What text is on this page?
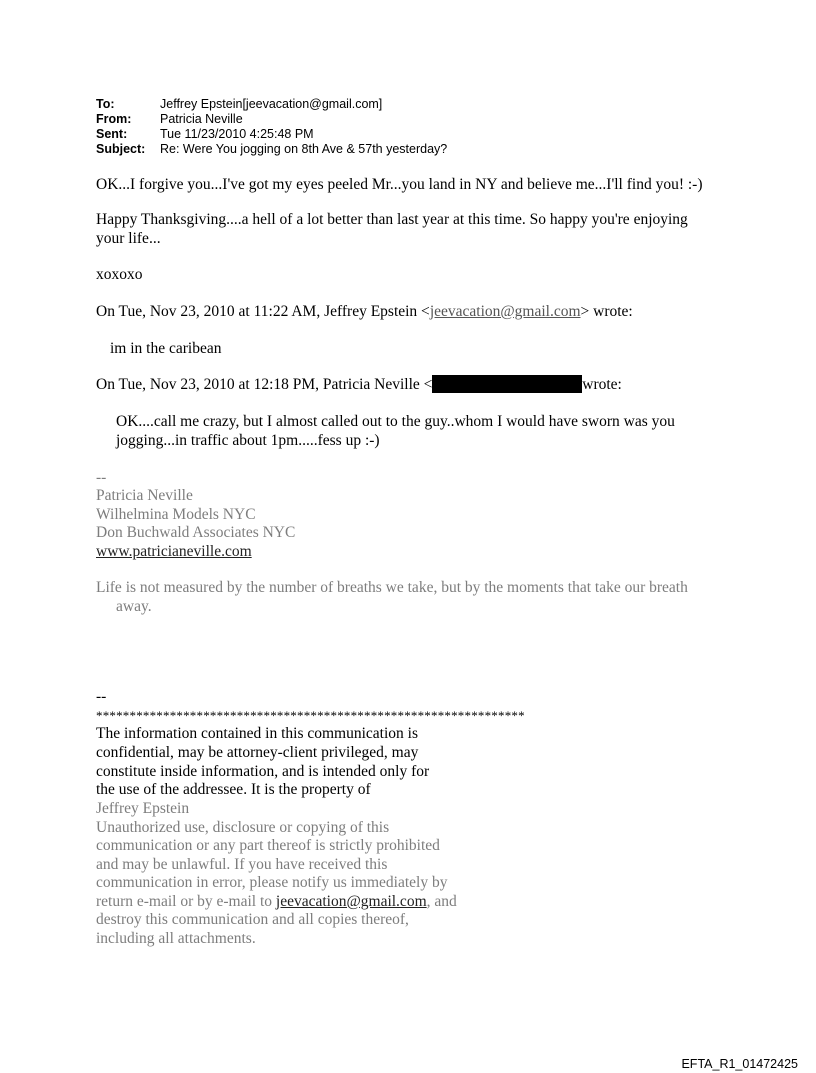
To:	Jeffrey Epstein[jeevacation@gmail.com]
From:	Patricia Neville
Sent:	Tue 11/23/2010 4:25:48 PM
Subject:	Re: Were You jogging on 8th Ave & 57th yesterday?
OK...I forgive you...I've got my eyes peeled Mr...you land in NY and believe me...I'll find you! :-)
Happy Thanksgiving....a hell of a lot better than last year at this time. So happy you're enjoying
your life...
xoxoxo
On Tue, Nov 23, 2010 at 11:22 AM, Jeffrey Epstein <jeevacation@gmail.com> wrote:
im in the caribean
On Tue, Nov 23, 2010 at 12:18 PM, Patricia Neville <	wrote:
OK....call me crazy, but I almost called out to the guy..whom I would have sworn was you
jogging...in traffic about 1pm.....fess up :-)
--
Patricia Neville
Wilhelmina Models NYC
Don Buchwald Associates NYC
www.patricianeville.com
Life is not measured by the number of breaths we take, but by the moments that take our breath
away.
--
****************************************************************
The information contained in this communication is
confidential, may be attorney-client privileged, may
constitute inside information, and is intended only for
the use of the addressee. It is the property of
Jeffrey Epstein
Unauthorized use, disclosure or copying of this
communication or any part thereof is strictly prohibited
and may be unlawful. If you have received this
communication in error, please notify us immediately by
return e-mail or by e-mail to jeevacation@gmail.com, and
destroy this communication and all copies thereof,
including all attachments.
EFTA_R1_01472425
